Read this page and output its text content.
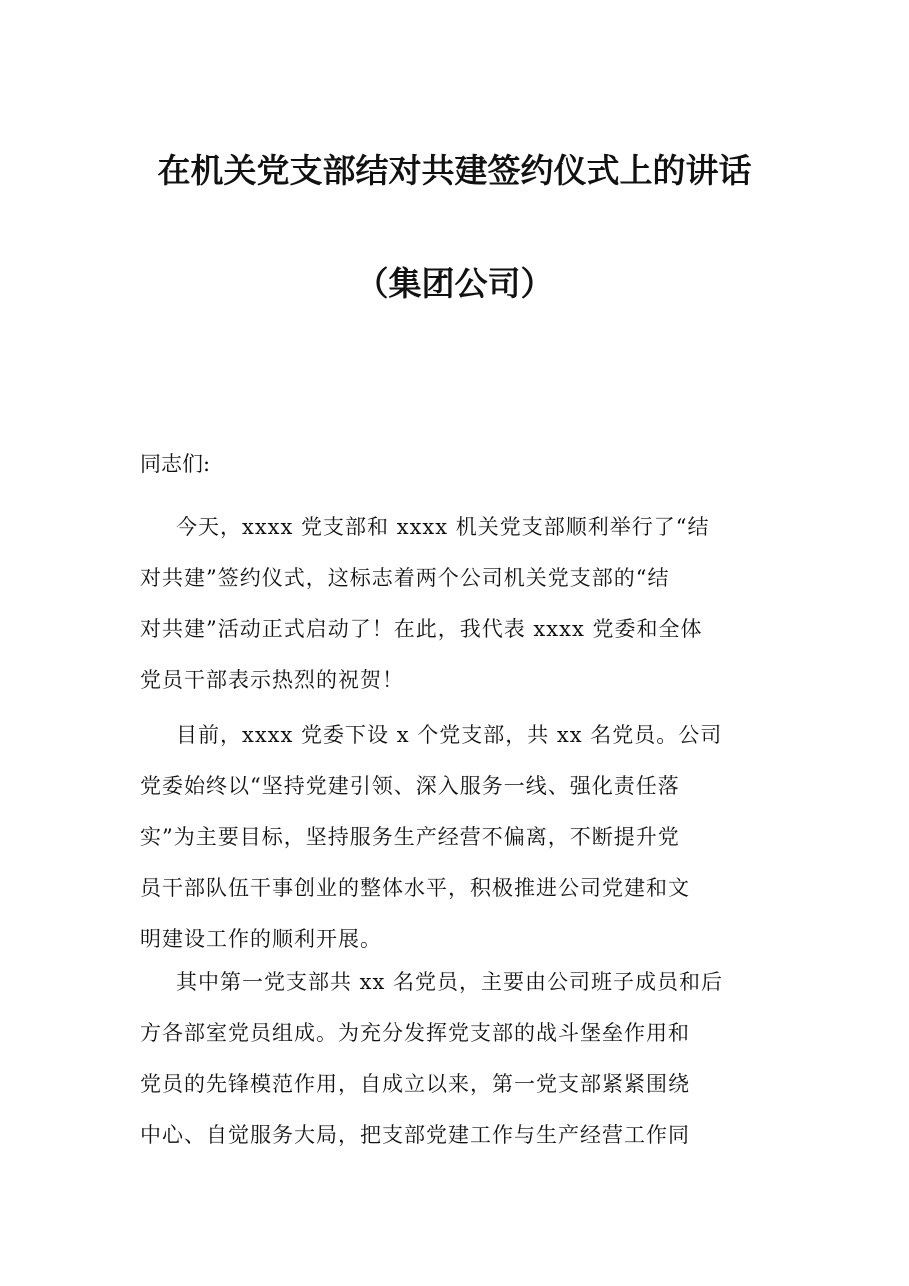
在机关党支部结对共建签约仪式上的讲话
（集团公司）

同志们:

今天，xxxx 党支部和 xxxx 机关党支部顺利举行了“结
对共建”签约仪式，这标志着两个公司机关党支部的“结
对共建”活动正式启动了！在此，我代表 xxxx 党委和全体
党员干部表示热烈的祝贺！
目前，xxxx 党委下设 x 个党支部，共 xx 名党员。公司
党委始终以“坚持党建引领、深入服务一线、强化责任落
实”为主要目标，坚持服务生产经营不偏离，不断提升党
员干部队伍干事创业的整体水平，积极推进公司党建和文
明建设工作的顺利开展。
其中第一党支部共 xx 名党员，主要由公司班子成员和后
方各部室党员组成。为充分发挥党支部的战斗堡垒作用和
党员的先锋模范作用，自成立以来，第一党支部紧紧围绕
中心、自觉服务大局，把支部党建工作与生产经营工作同
